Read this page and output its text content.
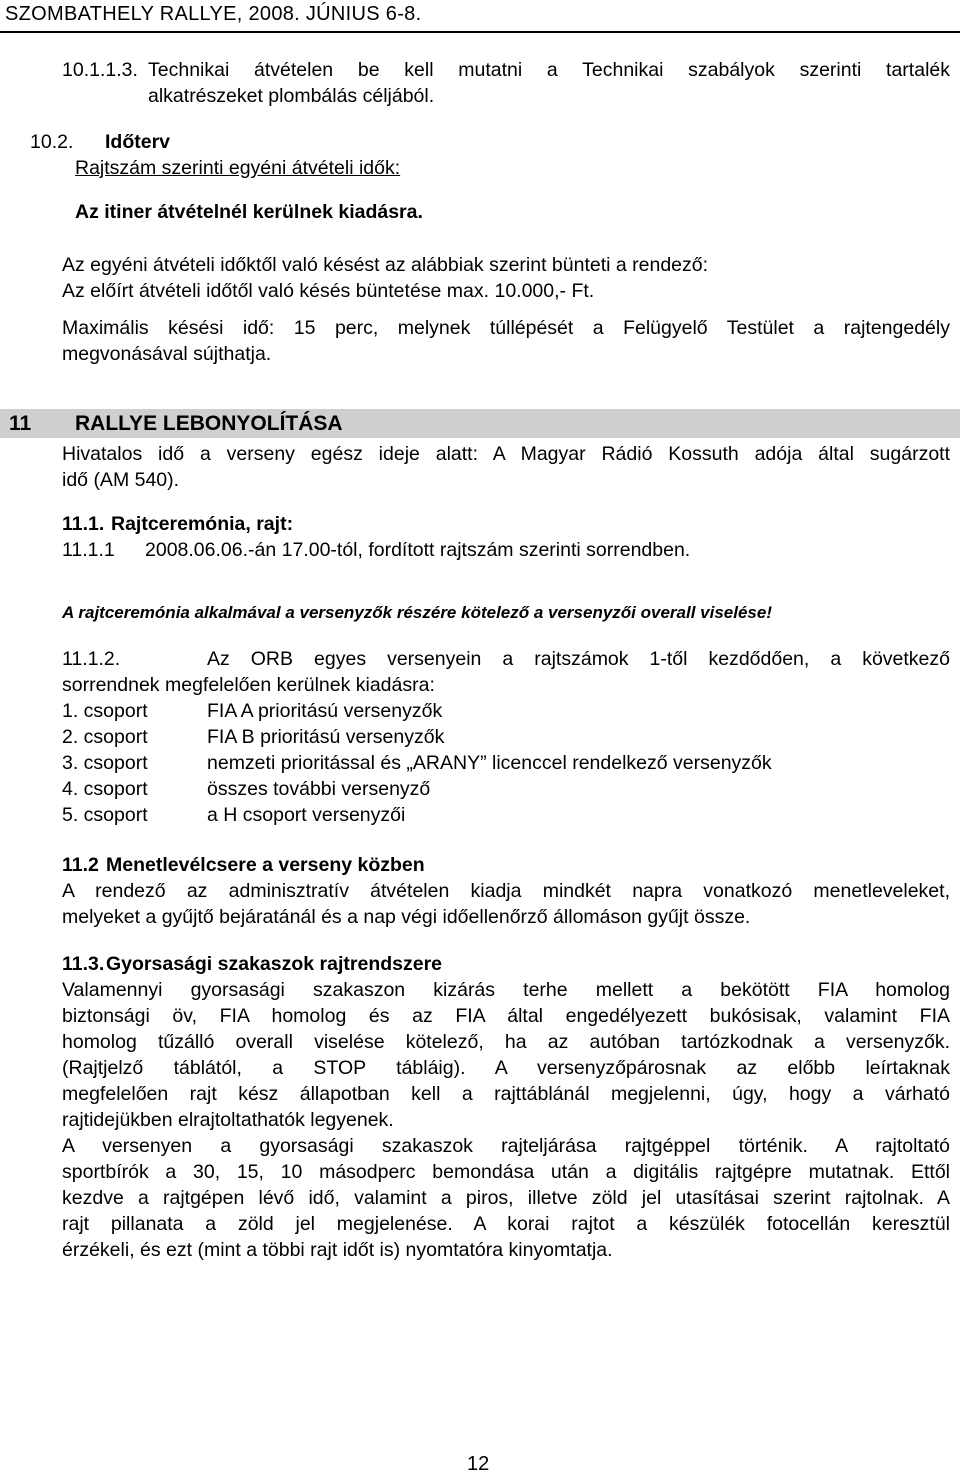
SZOMBATHELY RALLYE, 2008. JÚNIUS 6-8.
10.1.1.3. Technikai átvételen be kell mutatni a Technikai szabályok szerinti tartalék
alkatrészeket plombálás céljából.
10.2. Időterv
Rajtszám szerinti egyéni átvételi idők:
Az itiner átvételnél kerülnek kiadásra.
Az egyéni átvételi időktől való késést az alábbiak szerint bünteti a rendező:
Az előírt átvételi időtől való késés büntetése max. 10.000,- Ft.
Maximális késési idő: 15 perc, melynek túllépését a Felügyelő Testület a rajtengedély
megvonásával sújthatja.
11 RALLYE LEBONYOLÍTÁSA
Hivatalos idő a verseny egész ideje alatt: A Magyar Rádió Kossuth adója által sugárzott
idő (AM 540).
11.1. Rajtceremónia, rajt:
11.1.1 2008.06.06.-án 17.00-tól, fordított rajtszám szerinti sorrendben.
A rajtceremónia alkalmával a versenyzők részére kötelező a versenyzői overall viselése!
11.1.2.	Az ORB egyes versenyein a rajtszámok 1-től kezdődően, a következő
sorrendnek megfelelően kerülnek kiadásra:
1. csoport	FIA A prioritású versenyzők
2. csoport	FIA B prioritású versenyzők
3. csoport	nemzeti prioritással és „ARANY” licenccel rendelkező versenyzők
4. csoport	összes további versenyző
5. csoport	a H csoport versenyzői
11.2 Menetlevélcsere a verseny közben
A rendező az adminisztratív átvételen kiadja mindkét napra vonatkozó menetleveleket,
melyeket a gyűjtő bejáratánál és a nap végi időellenőrző állomáson gyűjt össze.
11.3. Gyorsasági szakaszok rajtrendszere
Valamennyi gyorsasági szakaszon kizárás terhe mellett a bekötött FIA homolog
biztonsági öv, FIA homolog és az FIA által engedélyezett bukósisak, valamint FIA
homolog tűzálló overall viselése kötelező, ha az autóban tartózkodnak a versenyzők.
(Rajtjelző táblától, a STOP tábláig). A versenyzőpárosnak az előbb leírtaknak
megfelelően rajt kész állapotban kell a rajttáblánál megjelenni, úgy, hogy a várható
rajtidejükben elrajtoltathatók legyenek.
A versenyen a gyorsasági szakaszok rajteljárása rajtgéppel történik. A rajtoltató
sportbírók a 30, 15, 10 másodperc bemondása után a digitális rajtgépre mutatnak. Ettől
kezdve a rajtgépen lévő idő, valamint a piros, illetve zöld jel utasításai szerint rajtolnak. A
rajt pillanata a zöld jel megjelenése. A korai rajtot a készülék fotocellán keresztül
érzékeli, és ezt (mint a többi rajt időt is) nyomtatóra kinyomtatja.
12
